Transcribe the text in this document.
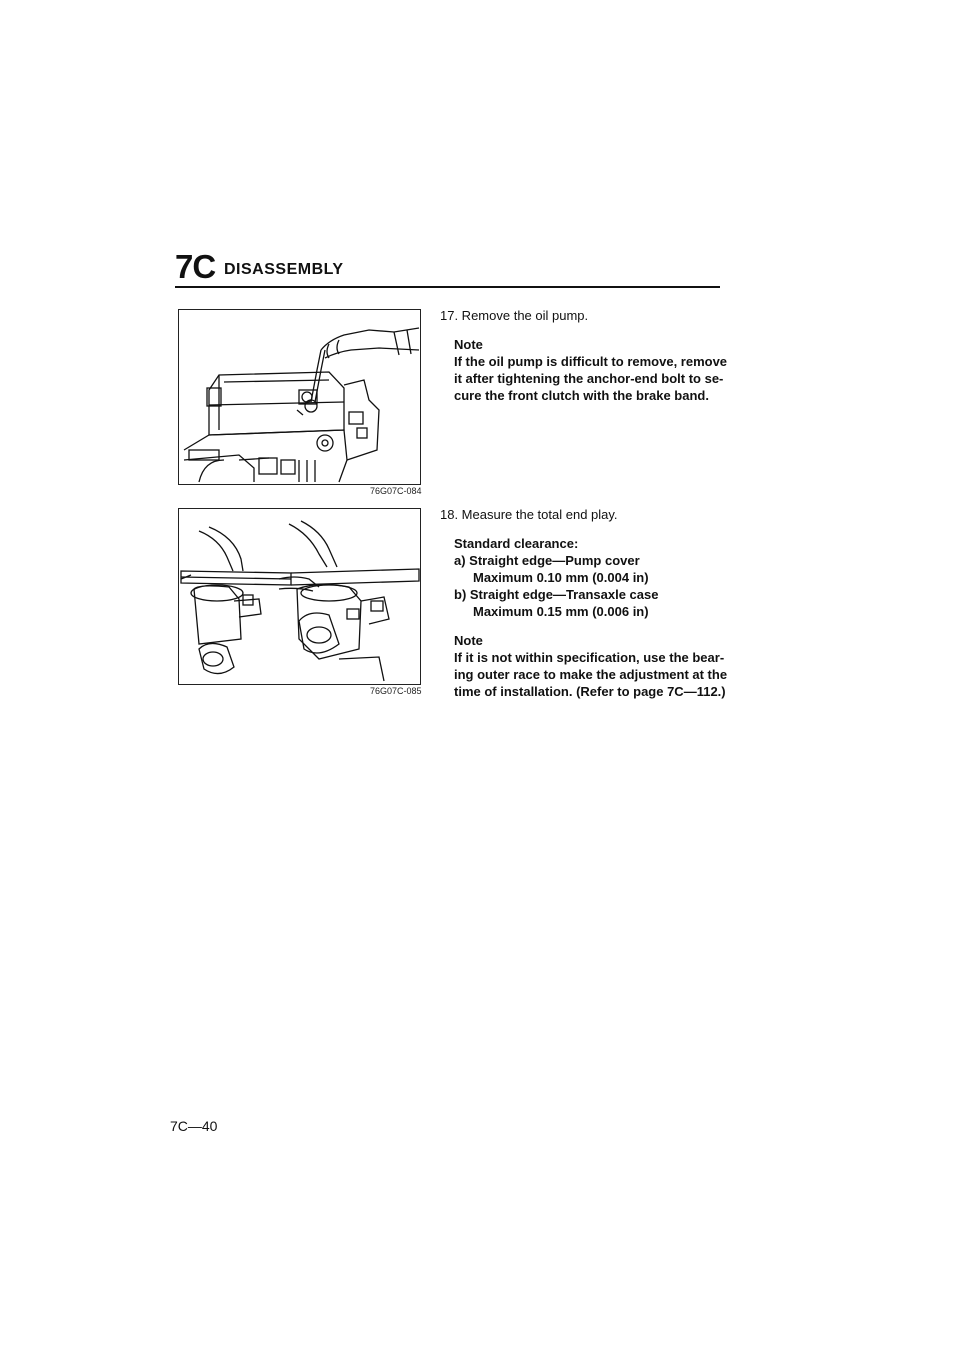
7C DISASSEMBLY
76G07C-084
76G07C-085
17. Remove the oil pump.
Note
If the oil pump is difficult to remove, remove
it after tightening the anchor-end bolt to se-
cure the front clutch with the brake band.
18. Measure the total end play.
Standard clearance:
a) Straight edge—Pump cover
Maximum 0.10 mm (0.004 in)
b) Straight edge—Transaxle case
Maximum 0.15 mm (0.006 in)
Note
If it is not within specification, use the bear-
ing outer race to make the adjustment at the
time of installation. (Refer to page 7C—112.)
7C—40
